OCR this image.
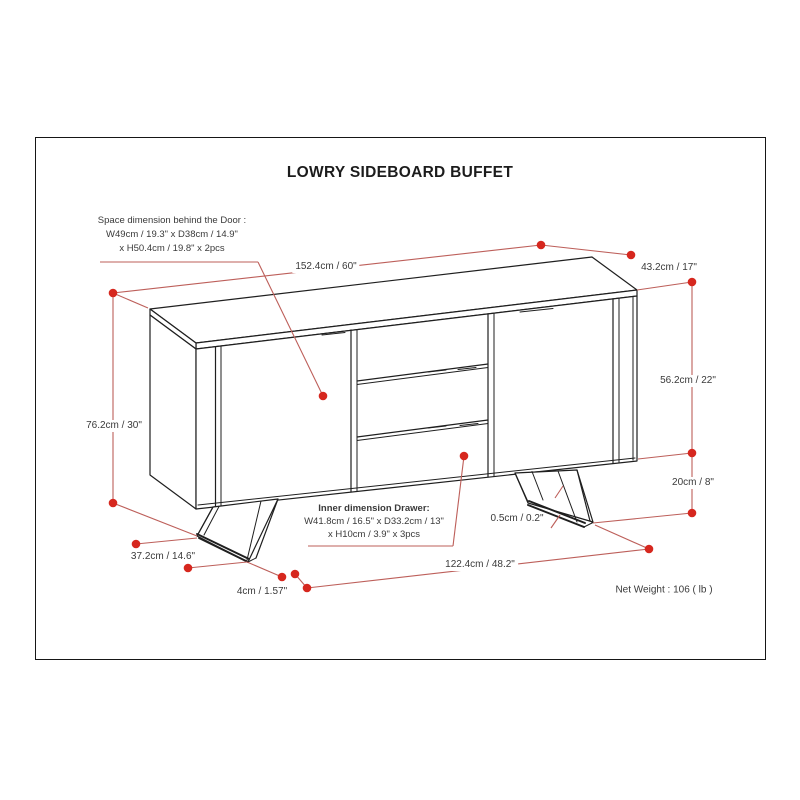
LOWRY SIDEBOARD BUFFET
Space dimension behind the Door :
W49cm / 19.3" x D38cm / 14.9"
x H50.4cm / 19.8" x 2pcs
Inner dimension Drawer:
W41.8cm / 16.5" x D33.2cm / 13"
x H10cm / 3.9" x 3pcs
152.4cm / 60"	43.2cm / 17"
56.2cm / 22"
20cm / 8"
76.2cm / 30"
37.2cm / 14.6"
4cm / 1.57"
0.5cm / 0.2"
122.4cm / 48.2"
Net Weight : 106 ( lb )
